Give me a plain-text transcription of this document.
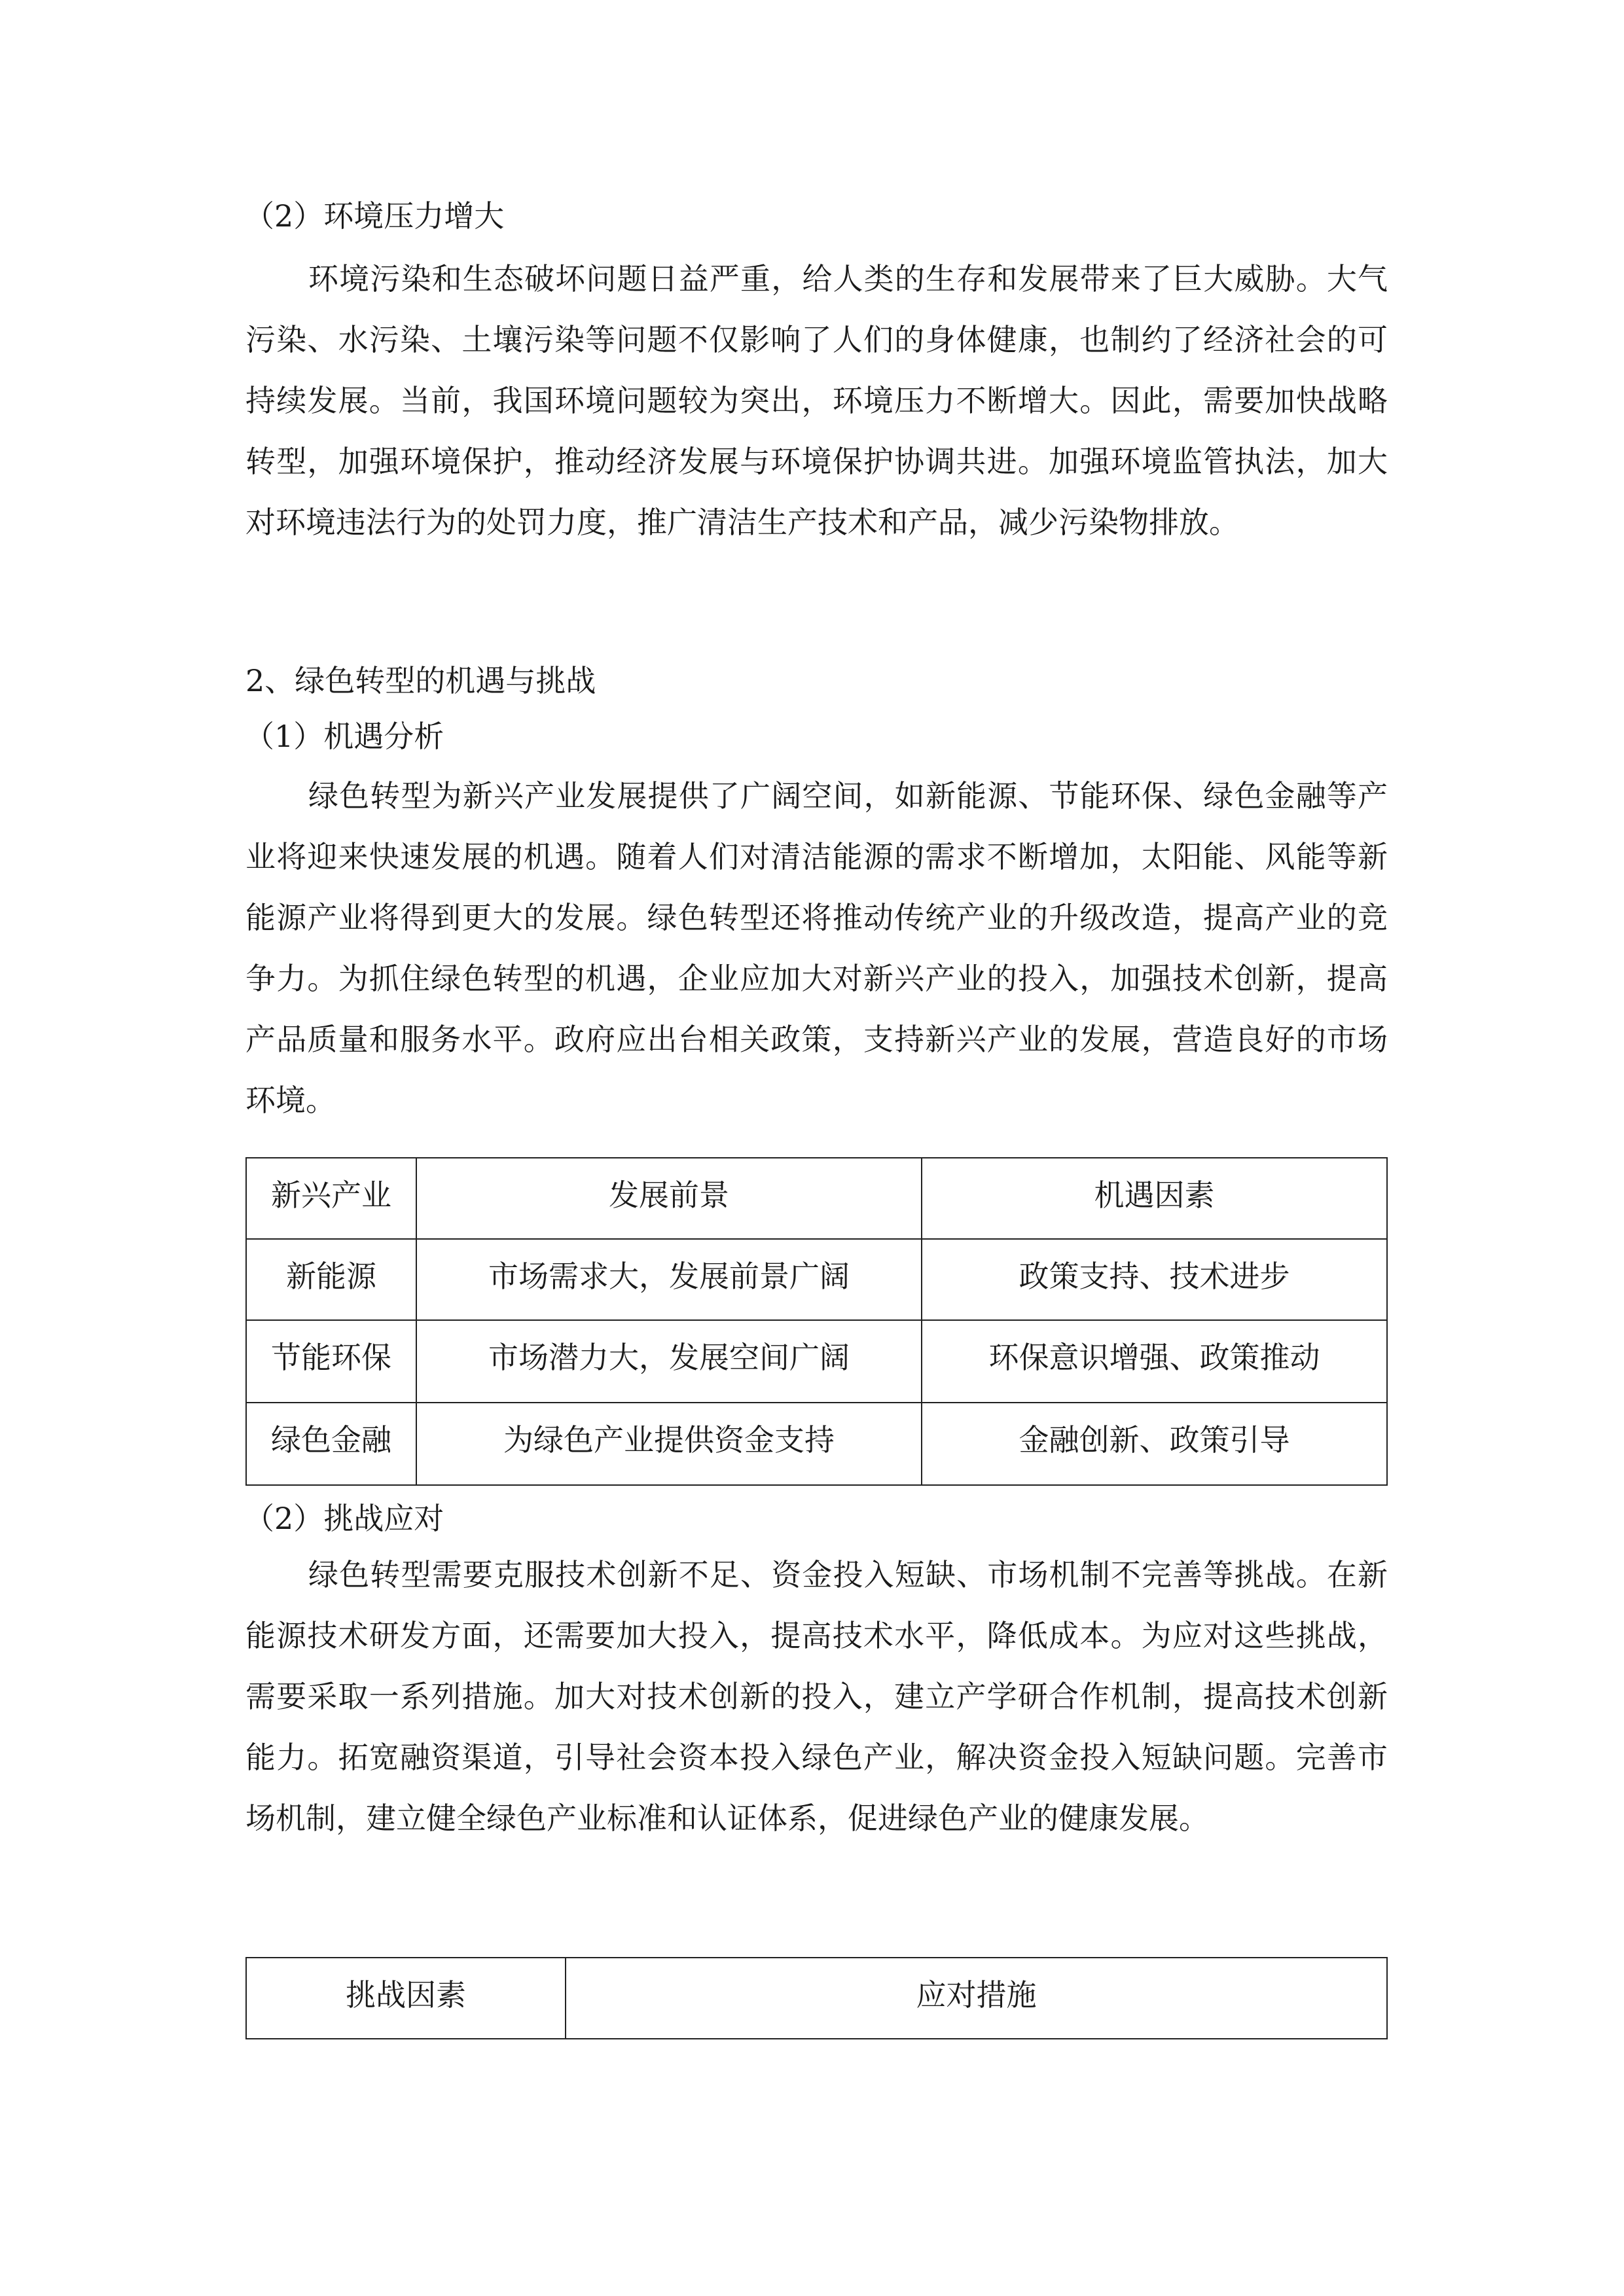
（2）环境压力增大

环境污染和生态破坏问题日益严重，给人类的生存和发展带来了巨大威胁。大气污染、水污染、土壤污染等问题不仅影响了人们的身体健康，也制约了经济社会的可持续发展。当前，我国环境问题较为突出，环境压力不断增大。因此，需要加快战略转型，加强环境保护，推动经济发展与环境保护协调共进。加强环境监管执法，加大对环境违法行为的处罚力度，推广清洁生产技术和产品，减少污染物排放。

2、绿色转型的机遇与挑战
（1）机遇分析

绿色转型为新兴产业发展提供了广阔空间，如新能源、节能环保、绿色金融等产业将迎来快速发展的机遇。随着人们对清洁能源的需求不断增加，太阳能、风能等新能源产业将得到更大的发展。绿色转型还将推动传统产业的升级改造，提高产业的竞争力。为抓住绿色转型的机遇，企业应加大对新兴产业的投入，加强技术创新，提高产品质量和服务水平。政府应出台相关政策，支持新兴产业的发展，营造良好的市场环境。

新兴产业	发展前景	机遇因素
新能源	市场需求大，发展前景广阔	政策支持、技术进步
节能环保	市场潜力大，发展空间广阔	环保意识增强、政策推动
绿色金融	为绿色产业提供资金支持	金融创新、政策引导
（2）挑战应对

绿色转型需要克服技术创新不足、资金投入短缺、市场机制不完善等挑战。在新能源技术研发方面，还需要加大投入，提高技术水平，降低成本。为应对这些挑战，需要采取一系列措施。加大对技术创新的投入，建立产学研合作机制，提高技术创新能力。拓宽融资渠道，引导社会资本投入绿色产业，解决资金投入短缺问题。完善市场机制，建立健全绿色产业标准和认证体系，促进绿色产业的健康发展。

挑战因素	应对措施
